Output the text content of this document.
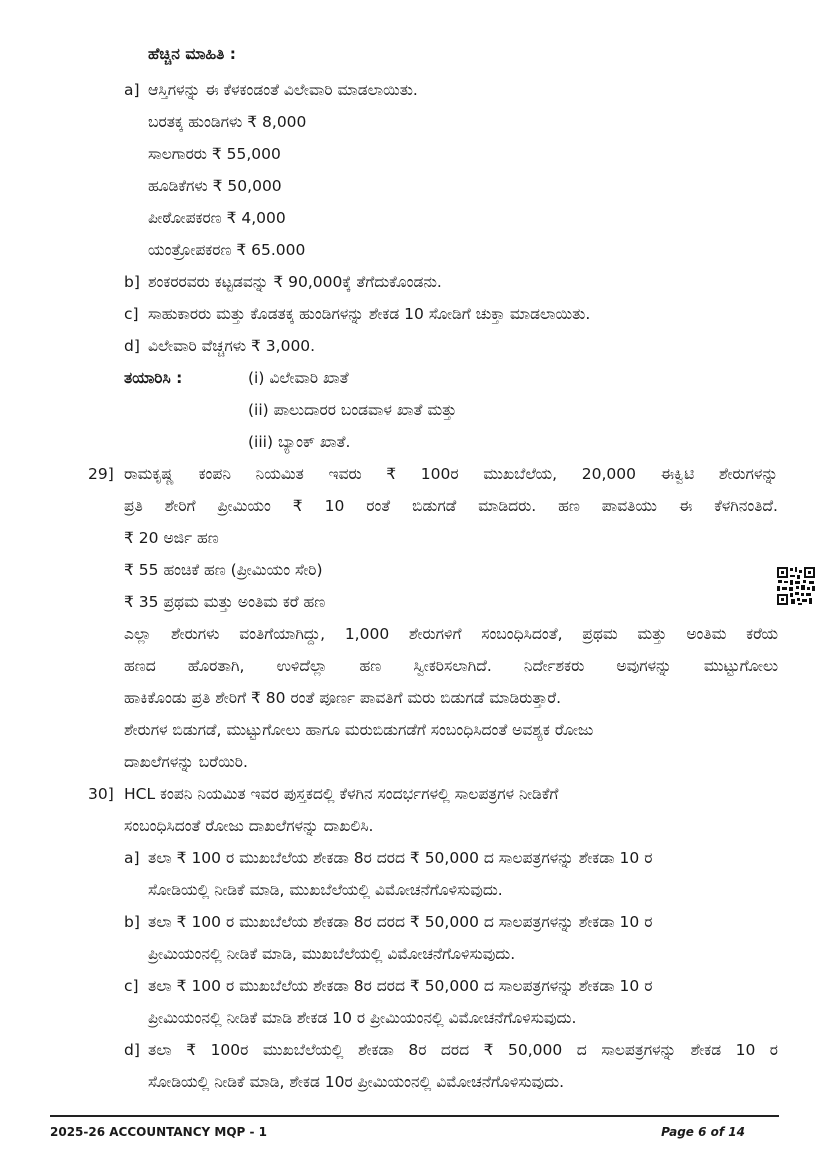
ಹೆಚ್ಚಿನ ಮಾಹಿತಿ :
a] ಆಸ್ತಿಗಳನ್ನು ಈ ಕೆಳಕಂಡಂತೆ ವಿಲೇವಾರಿ ಮಾಡಲಾಯಿತು.
ಬರತಕ್ಕ ಹುಂಡಿಗಳು ₹ 8,000
ಸಾಲಗಾರರು ₹ 55,000
ಹೂಡಿಕೆಗಳು ₹ 50,000
ಪೀಠೋಪಕರಣ ₹ 4,000
ಯಂತ್ರೋಪಕರಣ ₹ 65.000
b] ಶಂಕರರವರು ಕಟ್ಟಡವನ್ನು ₹ 90,000ಕ್ಕೆ ತೆಗೆದುಕೊಂಡನು.
c] ಸಾಹುಕಾರರು ಮತ್ತು ಕೊಡತಕ್ಕ ಹುಂಡಿಗಳನ್ನು ಶೇಕಡ 10 ಸೋಡಿಗೆ ಚುಕ್ತಾ ಮಾಡಲಾಯಿತು.
d] ವಿಲೇವಾರಿ ವೆಚ್ಚಗಳು ₹ 3,000.
ತಯಾರಿಸಿ :	(i) ವಿಲೇವಾರಿ ಖಾತೆ
(ii) ಪಾಲುದಾರರ ಬಂಡವಾಳ ಖಾತೆ ಮತ್ತು
(iii) ಬ್ಯಾಂಕ್ ಖಾತೆ.
29] ರಾಮಕೃಷ್ಣ ಕಂಪನಿ ನಿಯಮಿತ ಇವರು ₹ 100ರ ಮುಖಬೆಲೆಯ, 20,000 ಈಕ್ವಿಟಿ ಶೇರುಗಳನ್ನು
ಪ್ರತಿ ಶೇರಿಗೆ ಪ್ರೀಮಿಯಂ ₹ 10 ರಂತೆ ಬಿಡುಗಡೆ ಮಾಡಿದರು. ಹಣ ಪಾವತಿಯು ಈ ಕೆಳಗಿನಂತಿದೆ.
₹ 20 ಅರ್ಜಿ ಹಣ
₹ 55 ಹಂಚಿಕೆ ಹಣ (ಪ್ರೀಮಿಯಂ ಸೇರಿ)
₹ 35 ಪ್ರಥಮ ಮತ್ತು ಅಂತಿಮ ಕರೆ ಹಣ
ಎಲ್ಲಾ ಶೇರುಗಳು ವಂತಿಗೆಯಾಗಿದ್ದು, 1,000 ಶೇರುಗಳಿಗೆ ಸಂಬಂಧಿಸಿದಂತೆ, ಪ್ರಥಮ ಮತ್ತು ಅಂತಿಮ ಕರೆಯ
ಹಣದ ಹೊರತಾಗಿ, ಉಳಿದೆಲ್ಲಾ ಹಣ ಸ್ವೀಕರಿಸಲಾಗಿದೆ. ನಿರ್ದೇಶಕರು ಅವುಗಳನ್ನು ಮುಟ್ಟುಗೋಲು
ಹಾಕಿಕೊಂಡು ಪ್ರತಿ ಶೇರಿಗೆ ₹ 80 ರಂತೆ ಪೂರ್ಣ ಪಾವತಿಗೆ ಮರು ಬಿಡುಗಡೆ ಮಾಡಿರುತ್ತಾರೆ.
ಶೇರುಗಳ ಬಿಡುಗಡೆ, ಮುಟ್ಟುಗೋಲು ಹಾಗೂ ಮರುಬಿಡುಗಡೆಗೆ ಸಂಬಂಧಿಸಿದಂತೆ ಅವಶ್ಯಕ ರೋಜು
ದಾಖಲೆಗಳನ್ನು ಬರೆಯಿರಿ.
30] HCL ಕಂಪನಿ ನಿಯಮಿತ ಇವರ ಪುಸ್ತಕದಲ್ಲಿ ಕೆಳಗಿನ ಸಂದರ್ಭಗಳಲ್ಲಿ ಸಾಲಪತ್ರಗಳ ನೀಡಿಕೆಗೆ
ಸಂಬಂಧಿಸಿದಂತೆ ರೋಜು ದಾಖಲೆಗಳನ್ನು ದಾಖಲಿಸಿ.
a] ತಲಾ ₹ 100 ರ ಮುಖಬೆಲೆಯ ಶೇಕಡಾ 8ರ ದರದ ₹ 50,000 ದ ಸಾಲಪತ್ರಗಳನ್ನು ಶೇಕಡಾ 10 ರ
ಸೋಡಿಯಲ್ಲಿ ನೀಡಿಕೆ ಮಾಡಿ, ಮುಖಬೆಲೆಯಲ್ಲಿ ವಿಮೋಚನೆಗೊಳಿಸುವುದು.
b] ತಲಾ ₹ 100 ರ ಮುಖಬೆಲೆಯ ಶೇಕಡಾ 8ರ ದರದ ₹ 50,000 ದ ಸಾಲಪತ್ರಗಳನ್ನು ಶೇಕಡಾ 10 ರ
ಪ್ರೀಮಿಯಂನಲ್ಲಿ ನೀಡಿಕೆ ಮಾಡಿ, ಮುಖಬೆಲೆಯಲ್ಲಿ ವಿಮೋಚನೆಗೊಳಿಸುವುದು.
c] ತಲಾ ₹ 100 ರ ಮುಖಬೆಲೆಯ ಶೇಕಡಾ 8ರ ದರದ ₹ 50,000 ದ ಸಾಲಪತ್ರಗಳನ್ನು ಶೇಕಡಾ 10 ರ
ಪ್ರೀಮಿಯಂನಲ್ಲಿ ನೀಡಿಕೆ ಮಾಡಿ ಶೇಕಡ 10 ರ ಪ್ರೀಮಿಯಂನಲ್ಲಿ ವಿಮೋಚನೆಗೊಳಿಸುವುದು.
d] ತಲಾ ₹ 100ರ ಮುಖಬೆಲೆಯಲ್ಲಿ ಶೇಕಡಾ 8ರ ದರದ ₹ 50,000 ದ ಸಾಲಪತ್ರಗಳನ್ನು ಶೇಕಡ 10 ರ
ಸೋಡಿಯಲ್ಲಿ ನೀಡಿಕೆ ಮಾಡಿ, ಶೇಕಡ 10ರ ಪ್ರೀಮಿಯಂನಲ್ಲಿ ವಿಮೋಚನೆಗೊಳಿಸುವುದು.
2025-26 ACCOUNTANCY MQP - 1	Page 6 of 14
